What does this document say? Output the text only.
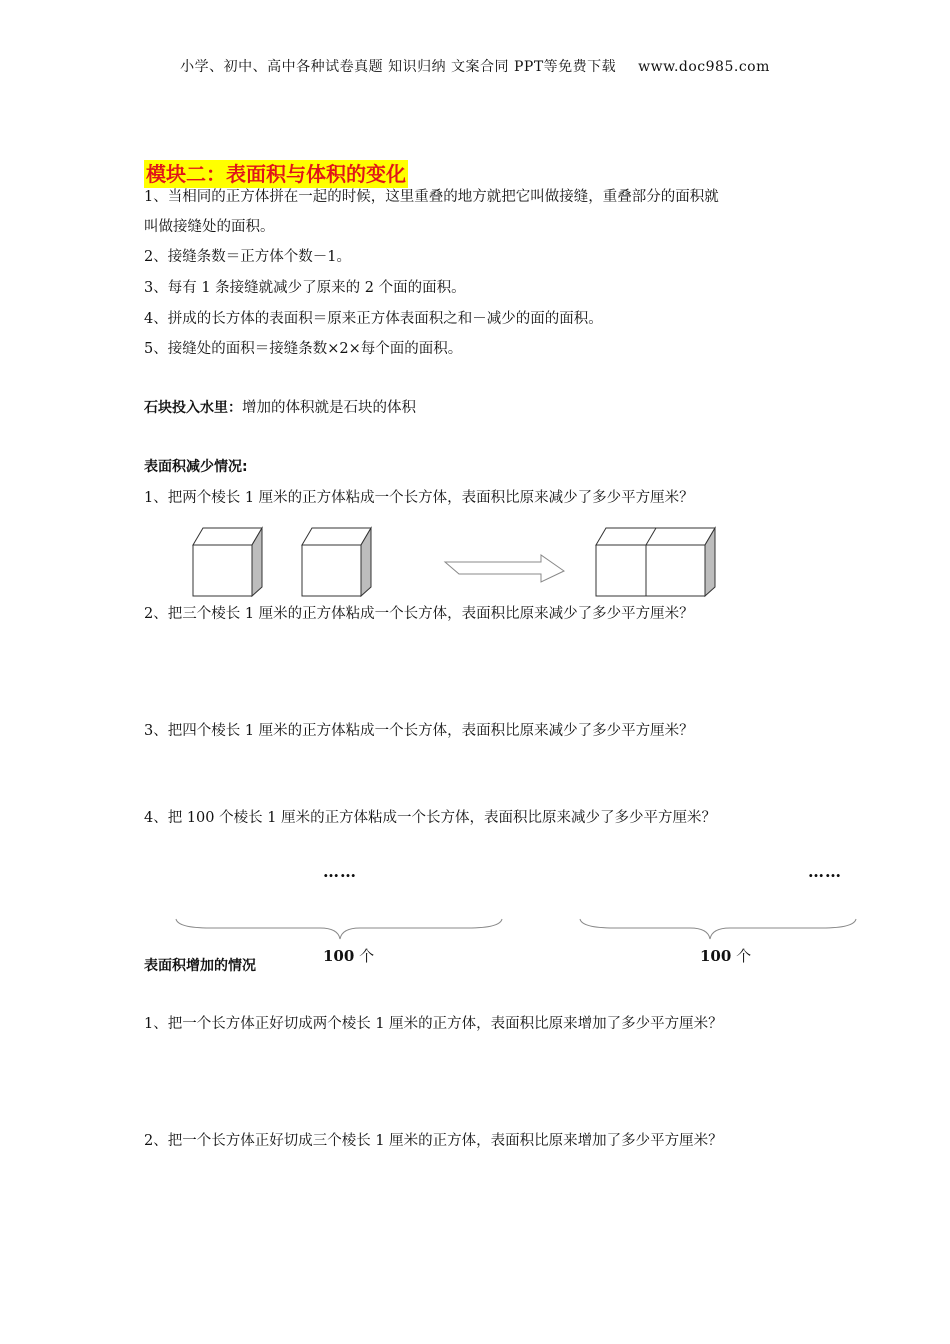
小学、初中、高中各种试卷真题 知识归纳 文案合同 PPT等免费下载 www.doc985.com
模块二：表面积与体积的变化
1、当相同的正方体拼在一起的时候，这里重叠的地方就把它叫做接缝，重叠部分的面积就
叫做接缝处的面积。
2、接缝条数＝正方体个数－1。
3、每有 1 条接缝就减少了原来的 2 个面的面积。
4、拼成的长方体的表面积＝原来正方体表面积之和－减少的面的面积。
5、接缝处的面积＝接缝条数×2×每个面的面积。
石块投入水里：增加的体积就是石块的体积
表面积减少情况:
1、把两个棱长 1 厘米的正方体粘成一个长方体，表面积比原来减少了多少平方厘米？
2、把三个棱长 1 厘米的正方体粘成一个长方体，表面积比原来减少了多少平方厘米？
3、把四个棱长 1 厘米的正方体粘成一个长方体，表面积比原来减少了多少平方厘米？
4、把 100 个棱长 1 厘米的正方体粘成一个长方体，表面积比原来减少了多少平方厘米？
……	……
100 个	100 个
表面积增加的情况
1、把一个长方体正好切成两个棱长 1 厘米的正方体，表面积比原来增加了多少平方厘米？
2、把一个长方体正好切成三个棱长 1 厘米的正方体，表面积比原来增加了多少平方厘米？
